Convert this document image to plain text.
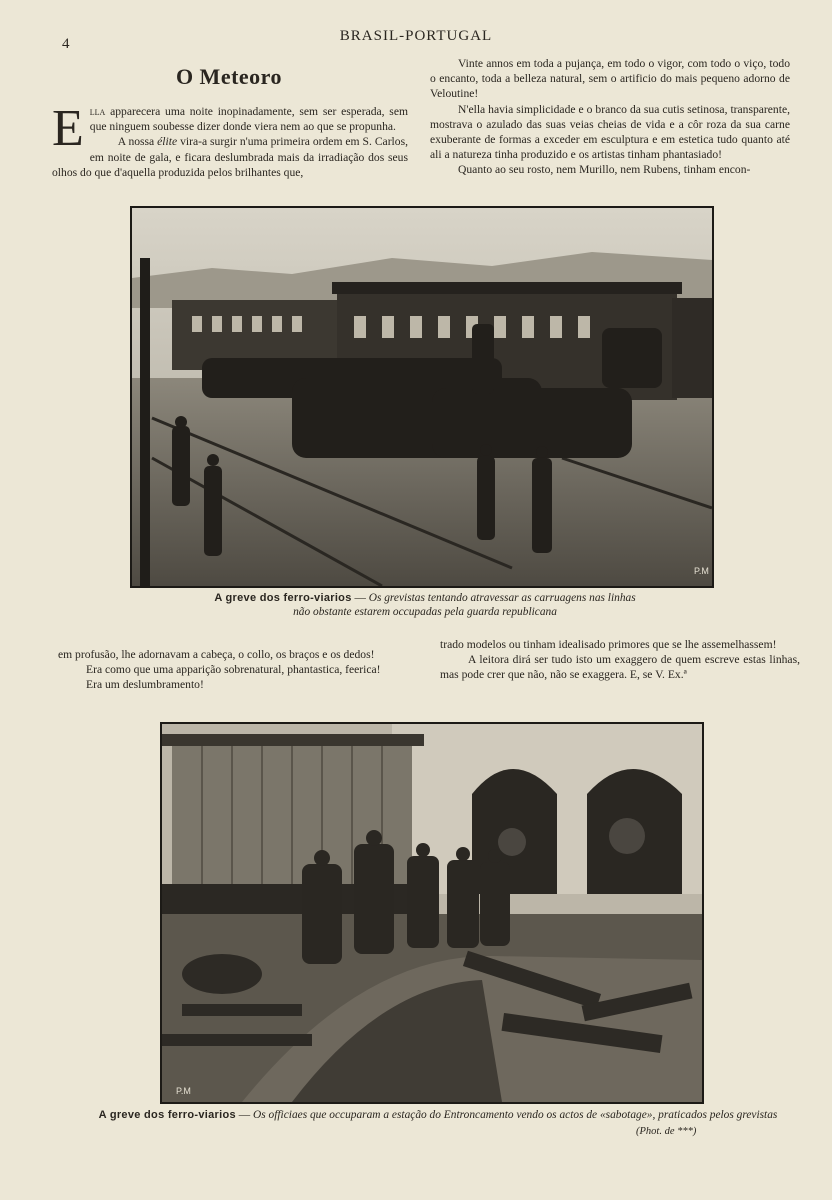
4	BRASIL-PORTUGAL
O Meteoro

Ella apparecera uma noite inopinadamente, sem ser esperada, sem que ninguem soubesse dizer donde viera nem ao que se propunha.

A nossa élite vira-a surgir n'uma primeira ordem em S. Carlos, em noite de gala, e ficara deslumbrada mais da irradiação dos seus olhos do que d'aquella produzida pelos brilhantes que,

Vinte annos em toda a pujança, em todo o vigor, com todo o viço, todo o encanto, toda a belleza natural, sem o artificio do mais pequeno adorno de Veloutine!

N'ella havia simplicidade e o branco da sua cutis setinosa, transparente, mostrava o azulado das suas veias cheias de vida e a côr roza da sua carne exuberante de formas a exceder em esculptura e em estetica tudo quanto até ali a natureza tinha produzido e os artistas tinham phantasiado!

Quanto ao seu rosto, nem Murillo, nem Rubens, tinham encon-

P.M
A greve dos ferro-viarios — Os grevistas tentando atravessar as carruagens nas linhas
não obstante estarem occupadas pela guarda republicana

em profusão, lhe adornavam a cabeça, o collo, os braços e os dedos!

Era como que uma apparição sobrenatural, phantastica, feerica!

Era um deslumbramento!

trado modelos ou tinham idealisado primores que se lhe assemelhassem!

A leitora dirá ser tudo isto um exaggero de quem escreve estas linhas, mas pode crer que não, não se exaggera. E, se V. Ex.ª

P.M
A greve dos ferro-viarios — Os officiaes que occuparam a estação do Entroncamento vendo os actos de «sabotage», praticados pelos grevistas
(Phot. de ***)
